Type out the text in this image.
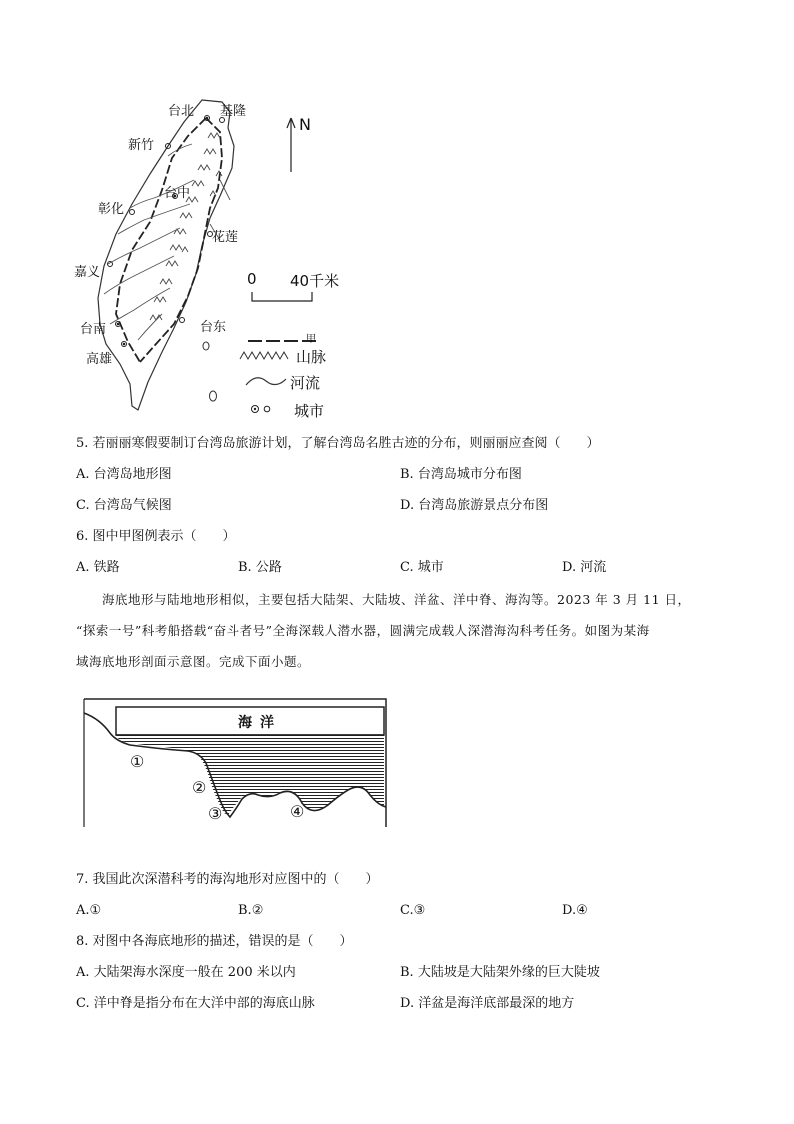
台北 基隆
新竹
台中
彰化
花莲
嘉义
台南
高雄
台东
N
0 40千米
甲
山脉
河流
城市
5. 若丽丽寒假要制订台湾岛旅游计划，了解台湾岛名胜古迹的分布，则丽丽应查阅（　　）
A. 台湾岛地形图	B. 台湾岛城市分布图
C. 台湾岛气候图	D. 台湾岛旅游景点分布图
6. 图中甲图例表示（　　）
A. 铁路	B. 公路	C. 城市	D. 河流
海底地形与陆地地形相似，主要包括大陆架、大陆坡、洋盆、洋中脊、海沟等。2023 年 3 月 11 日，
“探索一号”科考船搭载“奋斗者号”全海深载人潜水器，圆满完成载人深潜海沟科考任务。如图为某海
域海底地形剖面示意图。完成下面小题。
海洋
①
②
③	④
7. 我国此次深潜科考的海沟地形对应图中的（　　）
A.①	B.②	C.③	D.④
8. 对图中各海底地形的描述，错误的是（　　）
A. 大陆架海水深度一般在 200 米以内	B. 大陆坡是大陆架外缘的巨大陡坡
C. 洋中脊是指分布在大洋中部的海底山脉	D. 洋盆是海洋底部最深的地方
